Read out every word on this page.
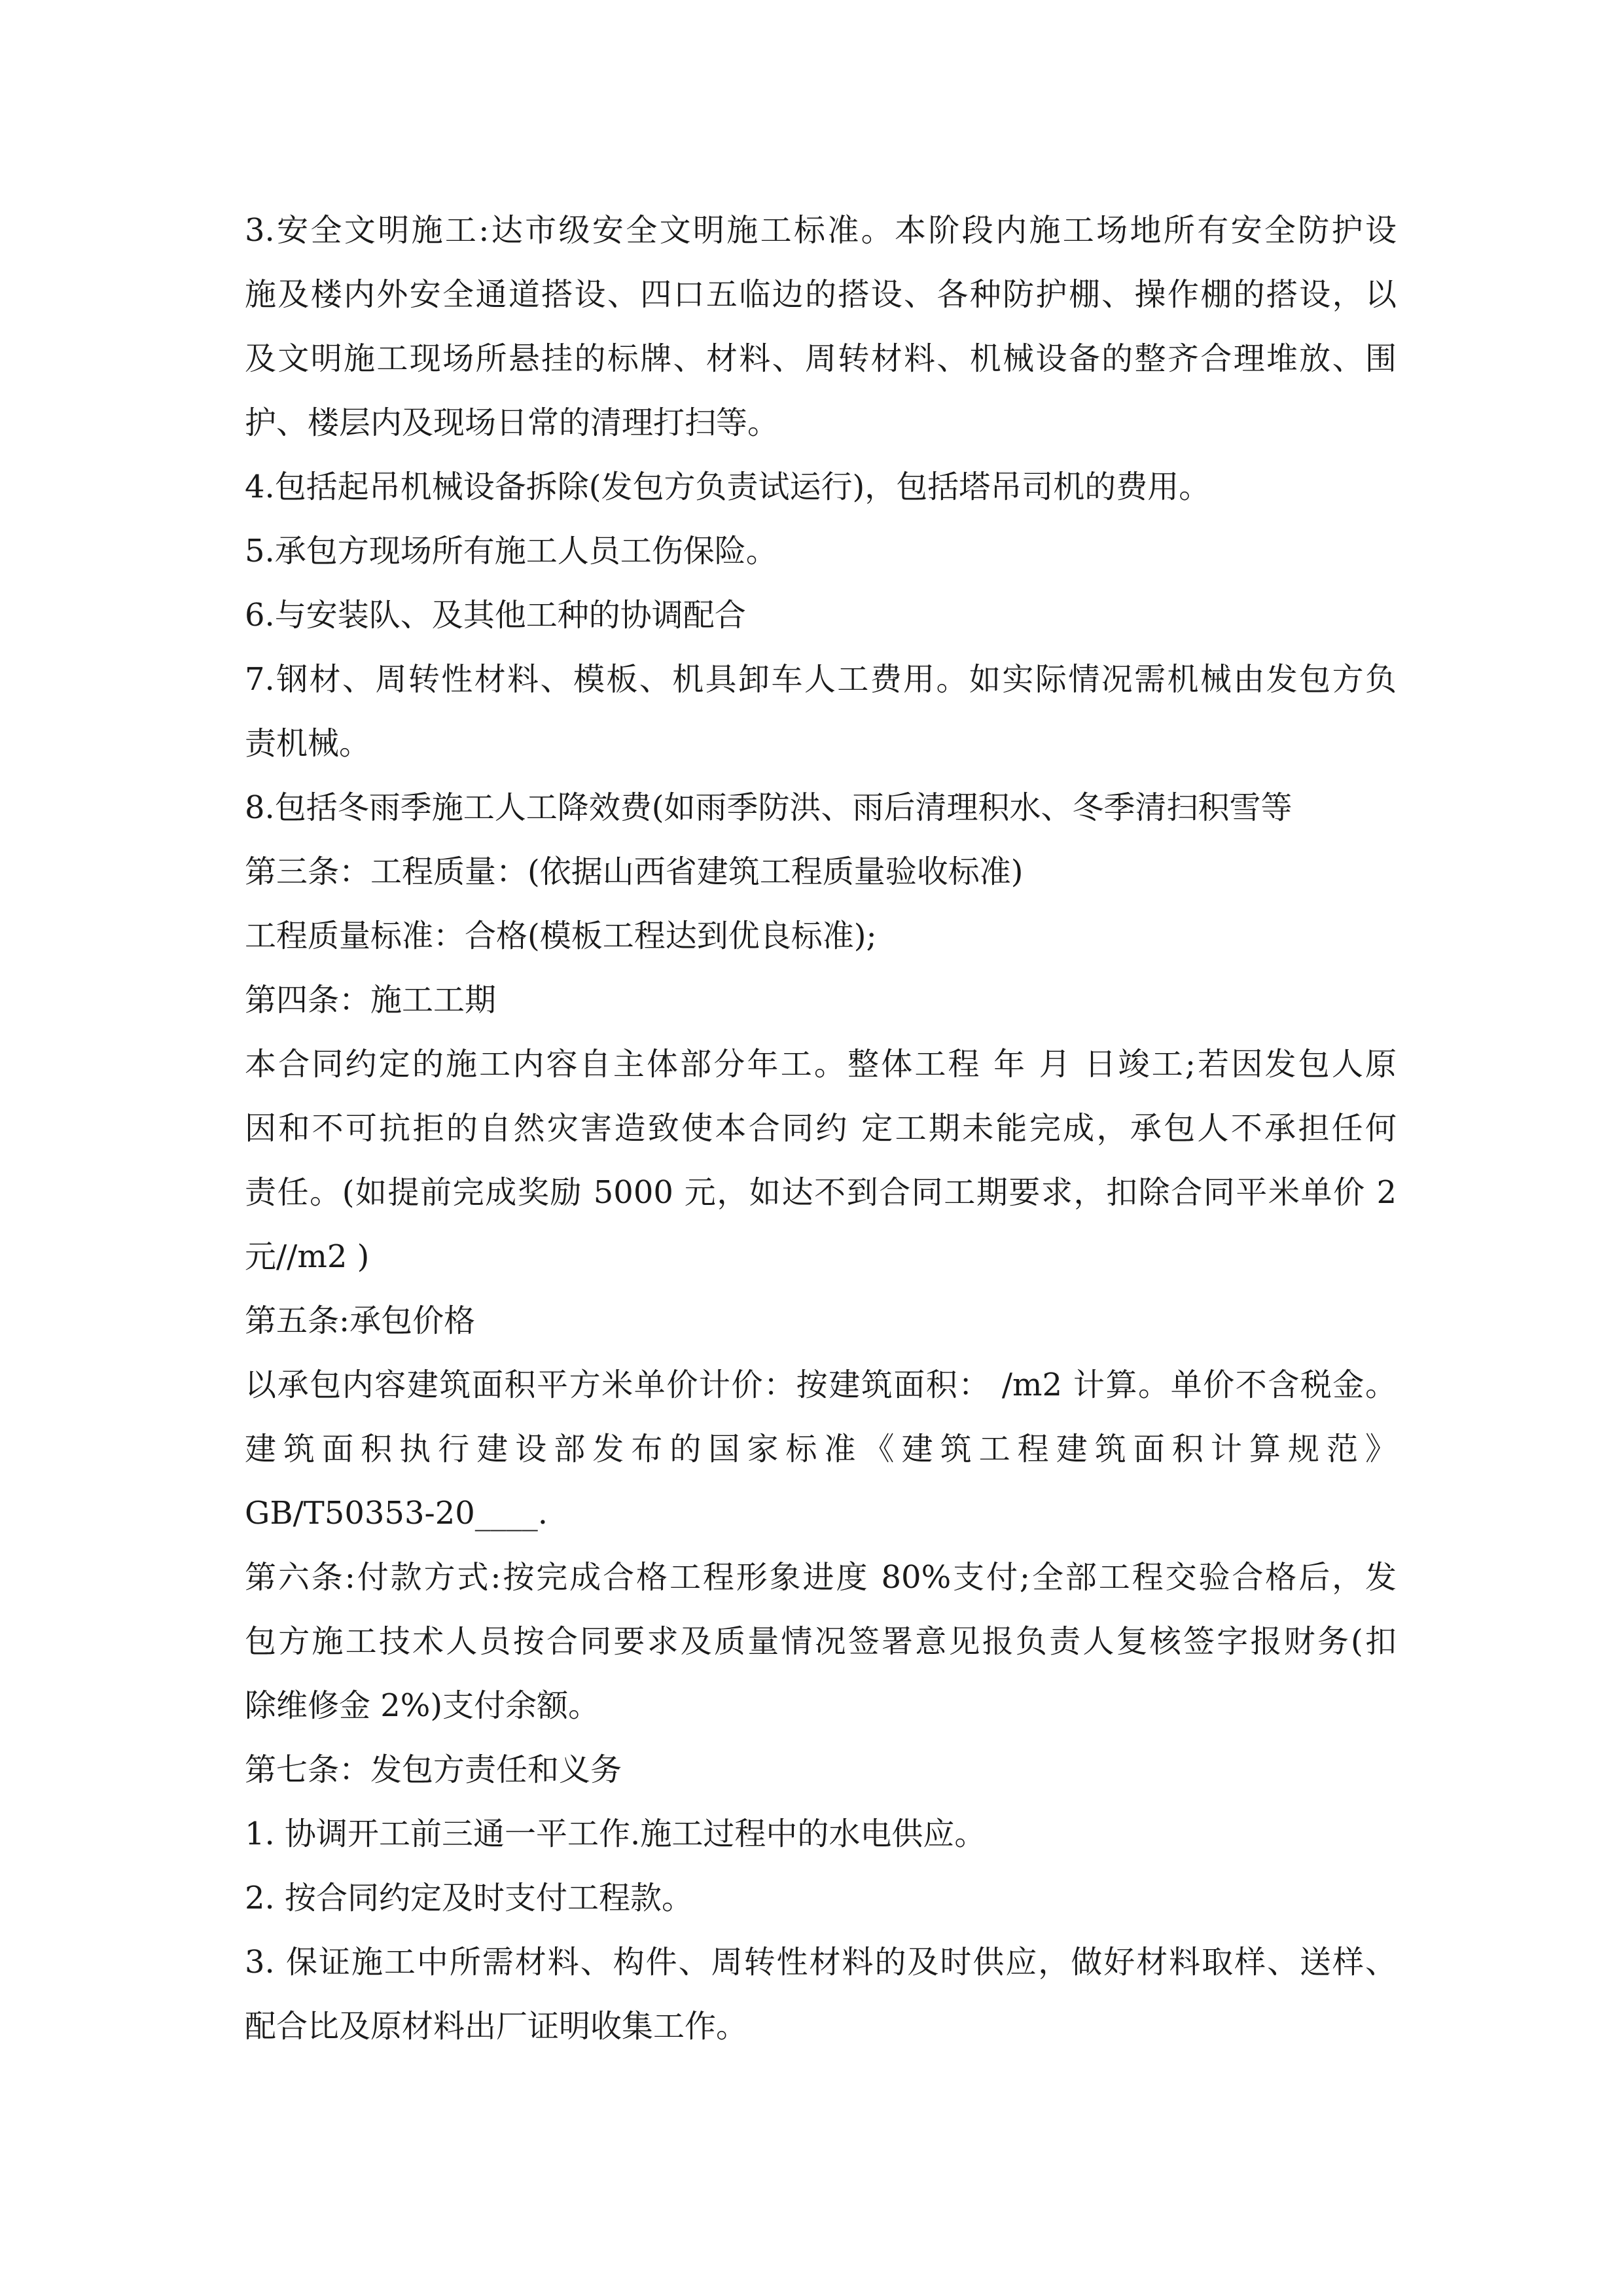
3.安全文明施工:达市级安全文明施工标准。本阶段内施工场地所有安全防护设
施及楼内外安全通道搭设、四口五临边的搭设、各种防护棚、操作棚的搭设，以
及文明施工现场所悬挂的标牌、材料、周转材料、机械设备的整齐合理堆放、围
护、楼层内及现场日常的清理打扫等。
4.包括起吊机械设备拆除(发包方负责试运行)，包括塔吊司机的费用。
5.承包方现场所有施工人员工伤保险。
6.与安装队、及其他工种的协调配合
7.钢材、周转性材料、模板、机具卸车人工费用。如实际情况需机械由发包方负
责机械。
8.包括冬雨季施工人工降效费(如雨季防洪、雨后清理积水、冬季清扫积雪等
第三条：工程质量：(依据山西省建筑工程质量验收标准)
工程质量标准：合格(模板工程达到优良标准);
第四条：施工工期
本合同约定的施工内容自主体部分年工。整体工程 年 月 日竣工;若因发包人原
因和不可抗拒的自然灾害造致使本合同约 定工期未能完成，承包人不承担任何
责任。(如提前完成奖励 5000 元，如达不到合同工期要求，扣除合同平米单价 2
元//m2 )
第五条:承包价格
以承包内容建筑面积平方米单价计价：按建筑面积： /m2 计算。单价不含税金。
建筑面积执行建设部发布的国家标准《建筑工程建筑面积计算规范》
GB/T50353-20____.
第六条:付款方式:按完成合格工程形象进度 80%支付;全部工程交验合格后，发
包方施工技术人员按合同要求及质量情况签署意见报负责人复核签字报财务(扣
除维修金 2%)支付余额。
第七条：发包方责任和义务
1. 协调开工前三通一平工作.施工过程中的水电供应。
2. 按合同约定及时支付工程款。
3. 保证施工中所需材料、构件、周转性材料的及时供应，做好材料取样、送样、
配合比及原材料出厂证明收集工作。
